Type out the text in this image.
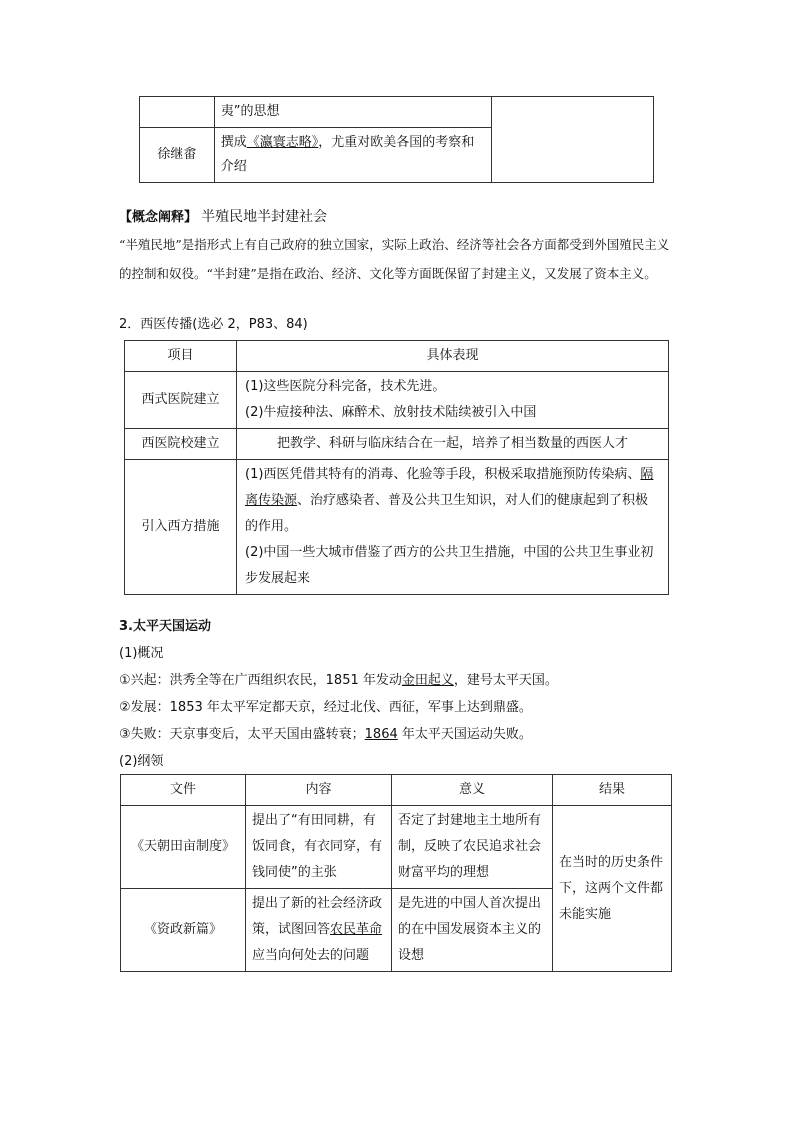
	夷”的思想	
徐继畬	撰成《瀛寰志略》，尤重对欧美各国的考察和介绍	
【概念阐释】 半殖民地半封建社会
“半殖民地”是指形式上有自己政府的独立国家，实际上政治、经济等社会各方面都受到外国殖民主义的控制和奴役。“半封建”是指在政治、经济、文化等方面既保留了封建主义，又发展了资本主义。
2．西医传播(选必 2，P83、84)
项目	具体表现
西式医院建立	(1)这些医院分科完备，技术先进。
(2)牛痘接种法、麻醉术、放射技术陆续被引入中国

西医院校建立	把教学、科研与临床结合在一起，培养了相当数量的西医人才
引入西方措施	(1)西医凭借其特有的消毒、化验等手段，积极采取措施预防传染病、隔离传染源、治疗感染者、普及公共卫生知识，对人们的健康起到了积极的作用。
(2)中国一些大城市借鉴了西方的公共卫生措施，中国的公共卫生事业初步发展起来
3.太平天国运动
(1)概况
①兴起：洪秀全等在广西组织农民，1851 年发动金田起义，建号太平天国。
②发展：1853 年太平军定都天京，经过北伐、西征，军事上达到鼎盛。
③失败：天京事变后，太平天国由盛转衰；1864 年太平天国运动失败。
(2)纲领
文件	内容	意义	结果
《天朝田亩制度》	提出了“有田同耕，有饭同食，有衣同穿，有钱同使”的主张	否定了封建地主土地所有制，反映了农民追求社会财富平均的理想	在当时的历史条件下，这两个文件都未能实施
《资政新篇》	提出了新的社会经济政策，试图回答农民革命应当向何处去的问题	是先进的中国人首次提出的在中国发展资本主义的设想	
